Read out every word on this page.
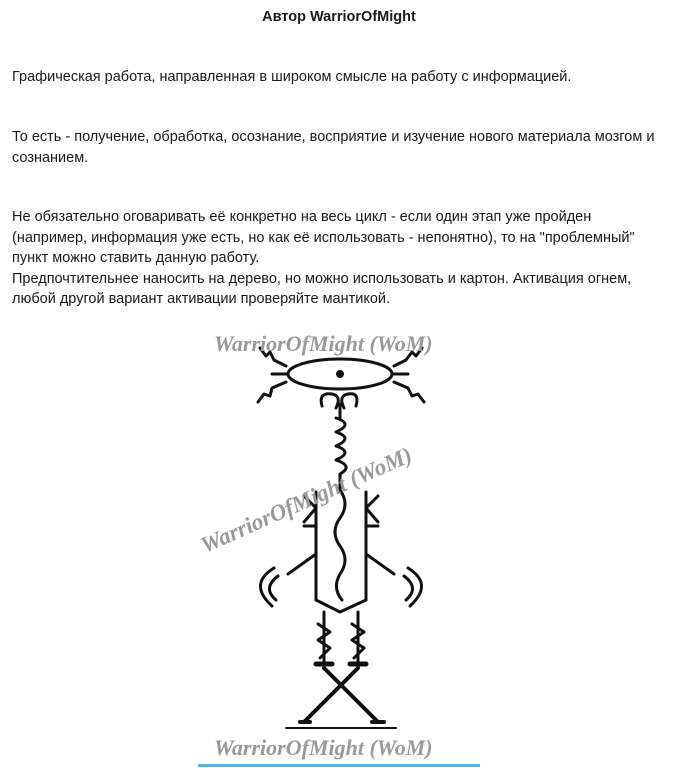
Автор WarriorOfMight
Графическая работа, направленная в широком смысле на работу с информацией.
То есть - получение, обработка, осознание, восприятие и изучение нового материала мозгом и
сознанием.
Не обязательно оговаривать её конкретно на весь цикл - если один этап уже пройден
(например, информация уже есть, но как её использовать - непонятно), то на "проблемный"
пункт можно ставить данную работу.
Предпочтительнее наносить на дерево, но можно использовать и картон. Активация огнем,
любой другой вариант активации проверяйте мантикой.
WarriorOfMight (WoM)
WarriorOfMight (WoM)
WarriorOfMight (WoM)
